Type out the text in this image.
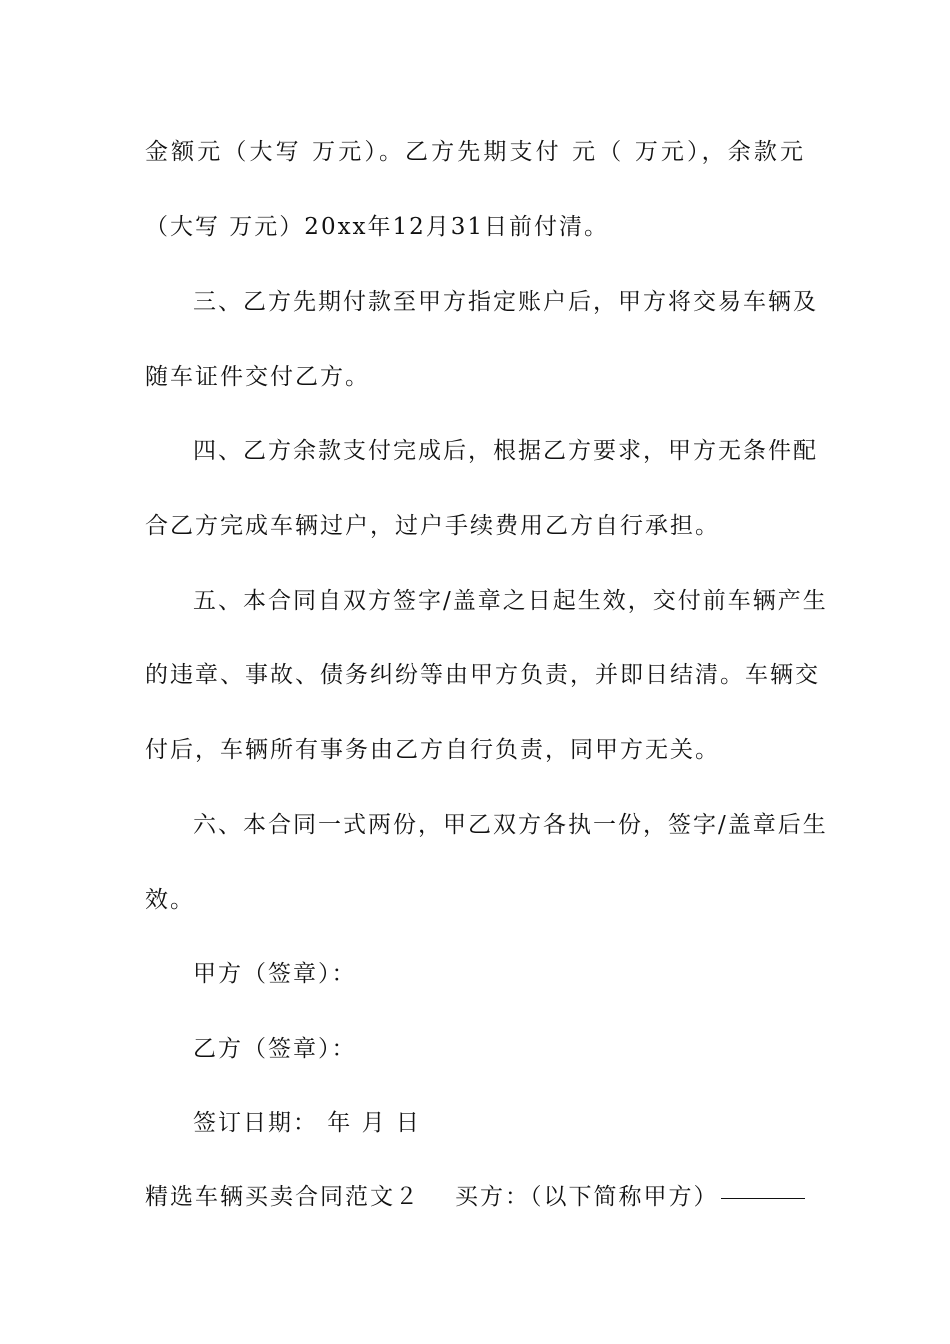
金额元（大写 万元）。乙方先期支付 元（ 万元），余款元
（大写 万元）20xx年12月31日前付清。
三、乙方先期付款至甲方指定账户后，甲方将交易车辆及
随车证件交付乙方。
四、乙方余款支付完成后，根据乙方要求，甲方无条件配
合乙方完成车辆过户，过户手续费用乙方自行承担。
五、本合同自双方签字/盖章之日起生效，交付前车辆产生
的违章、事故、债务纠纷等由甲方负责，并即日结清。车辆交
付后，车辆所有事务由乙方自行负责，同甲方无关。
六、本合同一式两份，甲乙双方各执一份，签字/盖章后生
效。
甲方（签章）：
乙方（签章）：
签订日期： 年 月 日
精选车辆买卖合同范文２ 买方：（以下简称甲方）
